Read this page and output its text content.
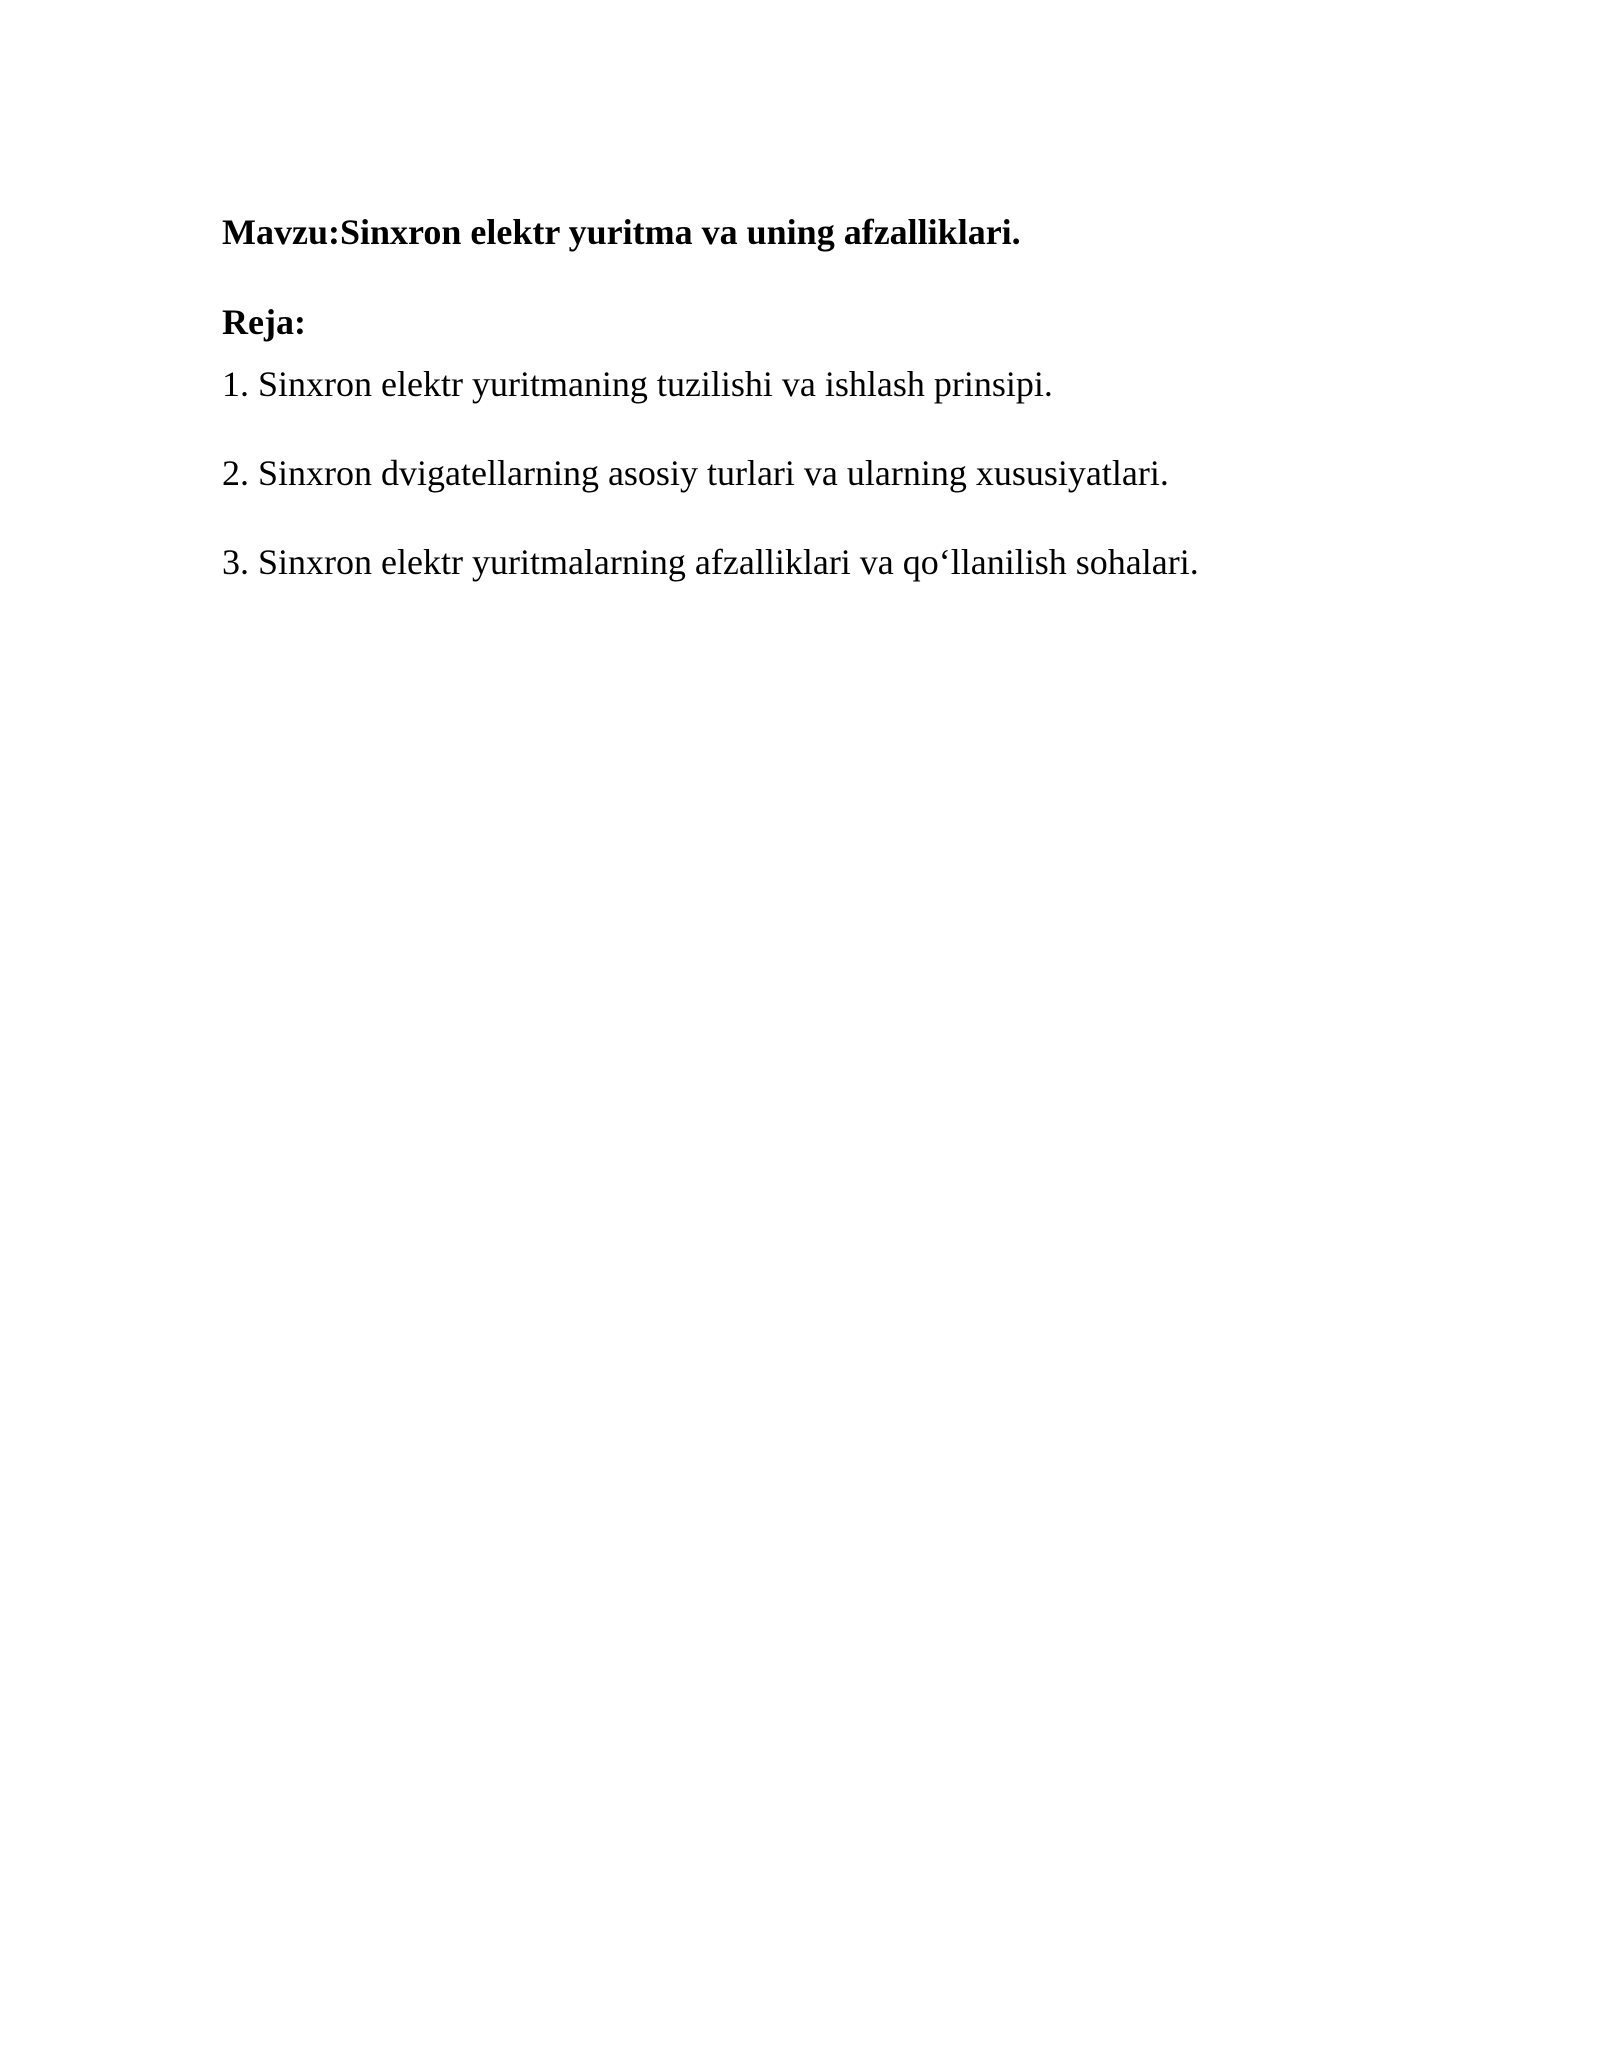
Mavzu:Sinxron elektr yuritma va uning afzalliklari.

Reja:

1. Sinxron elektr yuritmaning tuzilishi va ishlash prinsipi.
2. Sinxron dvigatellarning asosiy turlari va ularning xususiyatlari.
3. Sinxron elektr yuritmalarning afzalliklari va qo‘llanilish sohalari.
